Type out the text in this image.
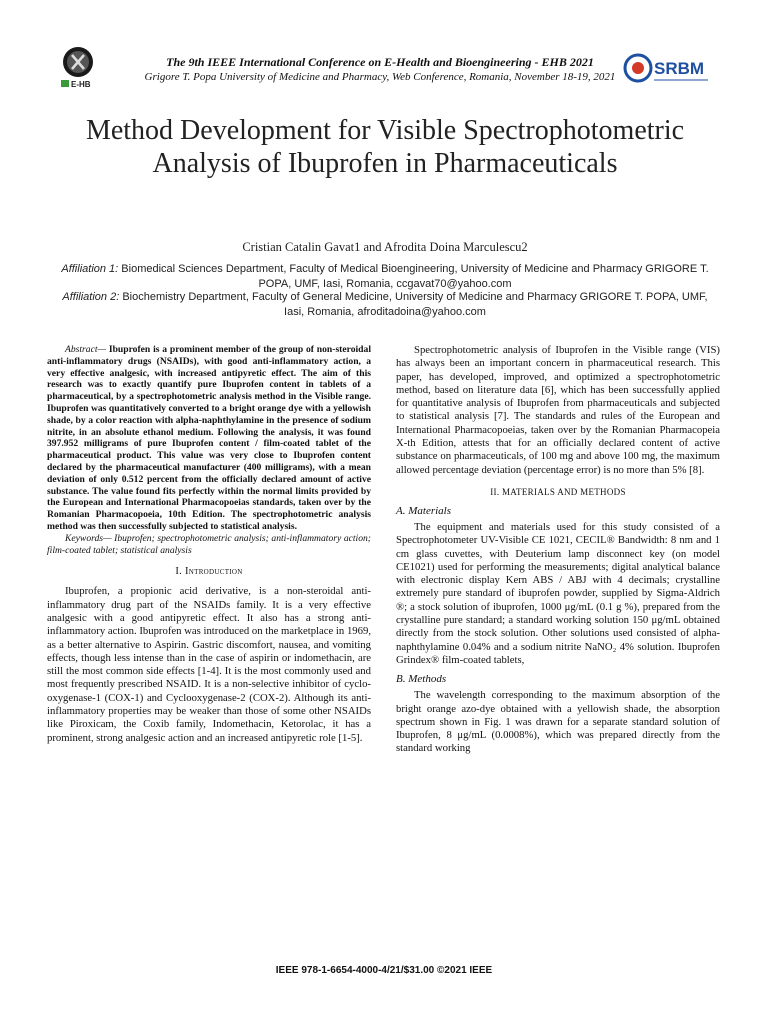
E-HB
The 9th IEEE International Conference on E-Health and Bioengineering - EHB 2021
Grigore T. Popa University of Medicine and Pharmacy, Web Conference, Romania, November 18-19, 2021	SRBM
Method Development for Visible Spectrophotometric Analysis of Ibuprofen in Pharmaceuticals
Cristian Catalin Gavat1 and Afrodita Doina Marculescu2
Affiliation 1: Biomedical Sciences Department, Faculty of Medical Bioengineering, University of Medicine and Pharmacy GRIGORE T. POPA, UMF, Iasi, Romania, ccgavat70@yahoo.com
Affiliation 2: Biochemistry Department, Faculty of General Medicine, University of Medicine and Pharmacy GRIGORE T. POPA, UMF, Iasi, Romania, afroditadoina@yahoo.com

Abstract— Ibuprofen is a prominent member of the group of non-steroidal anti-inflammatory drugs (NSAIDs), with good anti-inflammatory action, a very effective analgesic, with increased antipyretic effect. The aim of this research was to exactly quantify pure Ibuprofen content in tablets of a pharmaceutical, by a spectrophotometric analysis method in the Visible range. Ibuprofen was quantitatively converted to a bright orange dye with a yellowish shade, by a color reaction with alpha-naphthylamine in the presence of sodium nitrite, in an absolute ethanol medium. Following the analysis, it was found 397.952 milligrams of pure Ibuprofen content / film-coated tablet of the pharmaceutical product. This value was very close to Ibuprofen content declared by the pharmaceutical manufacturer (400 milligrams), with a mean deviation of only 0.512 percent from the officially declared amount of active substance. The value found fits perfectly within the normal limits provided by the European and International Pharmacopoeias standards, taken over by the Romanian Pharmacopoeia, 10th Edition. The spectrophotometric analysis method was then successfully subjected to statistical analysis.

Keywords— Ibuprofen; spectrophotometric analysis; anti-inflammatory action; film-coated tablet; statistical analysis

I. Introduction

Ibuprofen, a propionic acid derivative, is a non-steroidal anti-inflammatory drug part of the NSAIDs family. It is a very effective analgesic with a good antipyretic effect. It also has a strong anti-inflammatory action. Ibuprofen was introduced on the marketplace in 1969, as a better alternative to Aspirin. Gastric discomfort, nausea, and vomiting effects, though less intense than in the case of aspirin or indomethacin, are still the most common side effects [1-4]. It is the most commonly used and most frequently prescribed NSAID. It is a non-selective inhibitor of cyclo-oxygenase-1 (COX-1) and Cyclooxygenase-2 (COX-2). Although its anti-inflammatory properties may be weaker than those of some other NSAIDs like Piroxicam, the Coxib family, Indomethacin, Ketorolac, it has a prominent, strong analgesic action and an increased antipyretic role [1-5].

Spectrophotometric analysis of Ibuprofen in the Visible range (VIS) has always been an important concern in pharmaceutical research. This paper, has developed, improved, and optimized a spectrophotometric method, based on literature data [6], which has been successfully applied for quantitative analysis of Ibuprofen from pharmaceuticals and subjected to statistical analysis [7]. The standards and rules of the European and International Pharmacopoeias, taken over by the Romanian Pharmacopeia X-th Edition, attests that for an officially declared content of active substance on pharmaceuticals, of 100 mg and above 100 mg, the maximum allowed percentage deviation (percentage error) is no more than 5% [8].

II. MATERIALS AND METHODS
A. Materials

The equipment and materials used for this study consisted of a Spectrophotometer UV-Visible CE 1021, CECIL® Bandwidth: 8 nm and 1 cm glass cuvettes, with Deuterium lamp disconnect key (on model CE1021) used for performing the measurements; digital analytical balance with electronic display Kern ABS / ABJ with 4 decimals; crystalline extremely pure standard of ibuprofen powder, supplied by Sigma-Aldrich ®; a stock solution of ibuprofen, 1000 μg/mL (0.1 g %), prepared from the crystalline pure standard; a standard working solution 150 μg/mL obtained directly from the stock solution. Other solutions used consisted of alpha-naphthylamine 0.04% and a sodium nitrite NaNO₂ 4% solution. Ibuprofen Grindex® film-coated tablets,

B. Methods

The wavelength corresponding to the maximum absorption of the bright orange azo-dye obtained with a yellowish shade, the absorption spectrum shown in Fig. 1 was drawn for a separate standard solution of Ibuprofen, 8 μg/mL (0.0008%), which was prepared directly from the standard working

IEEE 978-1-6654-4000-4/21/$31.00 ©2021 IEEE
